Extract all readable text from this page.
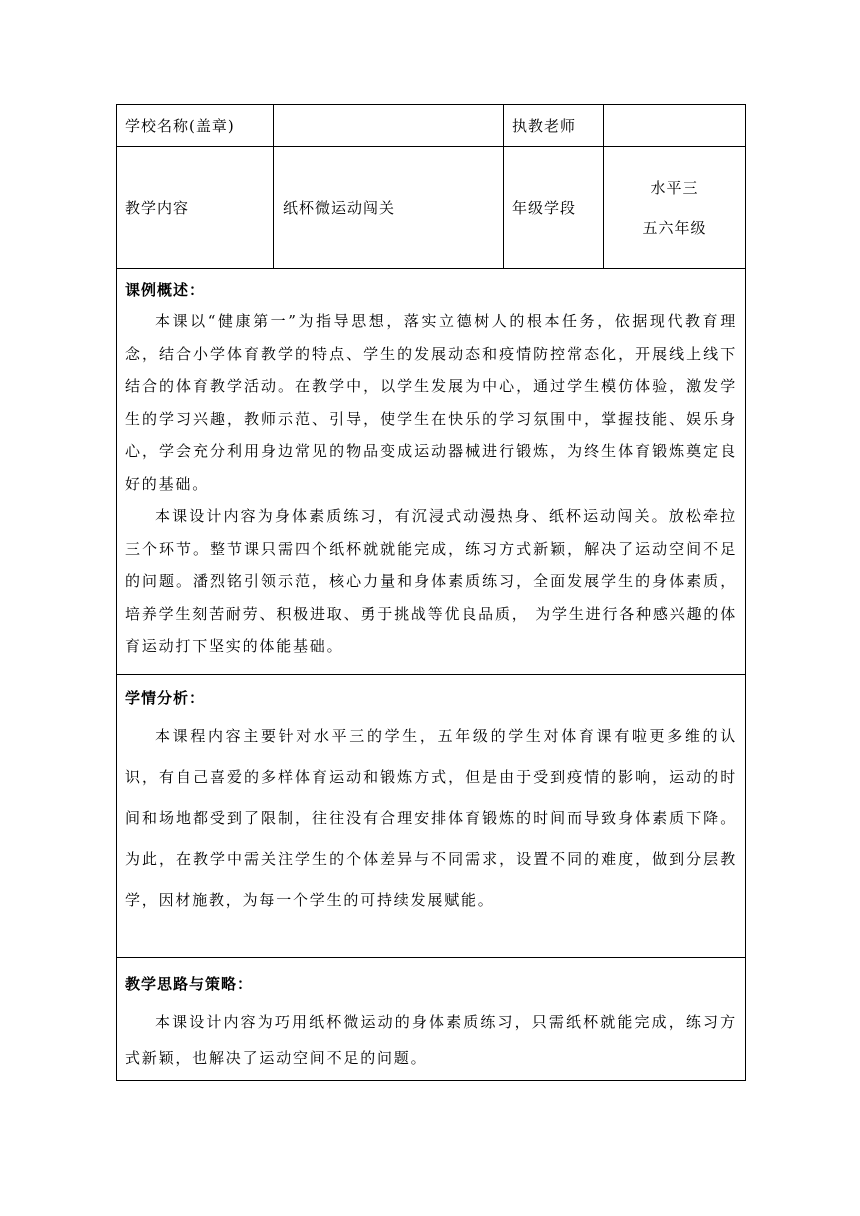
学校名称(盖章)		执教老师	
教学内容	纸杯微运动闯关	年级学段	水平三
五六年级

课例概述：

本课以“健康第一”为指导思想，落实立德树人的根本任务，依据现代教育理念，结合小学体育教学的特点、学生的发展动态和疫情防控常态化，开展线上线下结合的体育教学活动。在教学中，以学生发展为中心，通过学生模仿体验，激发学生的学习兴趣，教师示范、引导，使学生在快乐的学习氛围中，掌握技能、娱乐身心，学会充分利用身边常见的物品变成运动器械进行锻炼，为终生体育锻炼奠定良好的基础。

本课设计内容为身体素质练习，有沉浸式动漫热身、纸杯运动闯关。放松牵拉三个环节。整节课只需四个纸杯就就能完成，练习方式新颖，解决了运动空间不足的问题。潘烈铭引领示范，核心力量和身体素质练习，全面发展学生的身体素质，培养学生刻苦耐劳、积极进取、勇于挑战等优良品质， 为学生进行各种感兴趣的体育运动打下坚实的体能基础。			

学情分析：

本课程内容主要针对水平三的学生，五年级的学生对体育课有啦更多维的认识，有自己喜爱的多样体育运动和锻炼方式，但是由于受到疫情的影响，运动的时间和场地都受到了限制，往往没有合理安排体育锻炼的时间而导致身体素质下降。为此，在教学中需关注学生的个体差异与不同需求，设置不同的难度，做到分层教学，因材施教，为每一个学生的可持续发展赋能。			

教学思路与策略：

本课设计内容为巧用纸杯微运动的身体素质练习，只需纸杯就能完成，练习方式新颖，也解决了运动空间不足的问题。			
